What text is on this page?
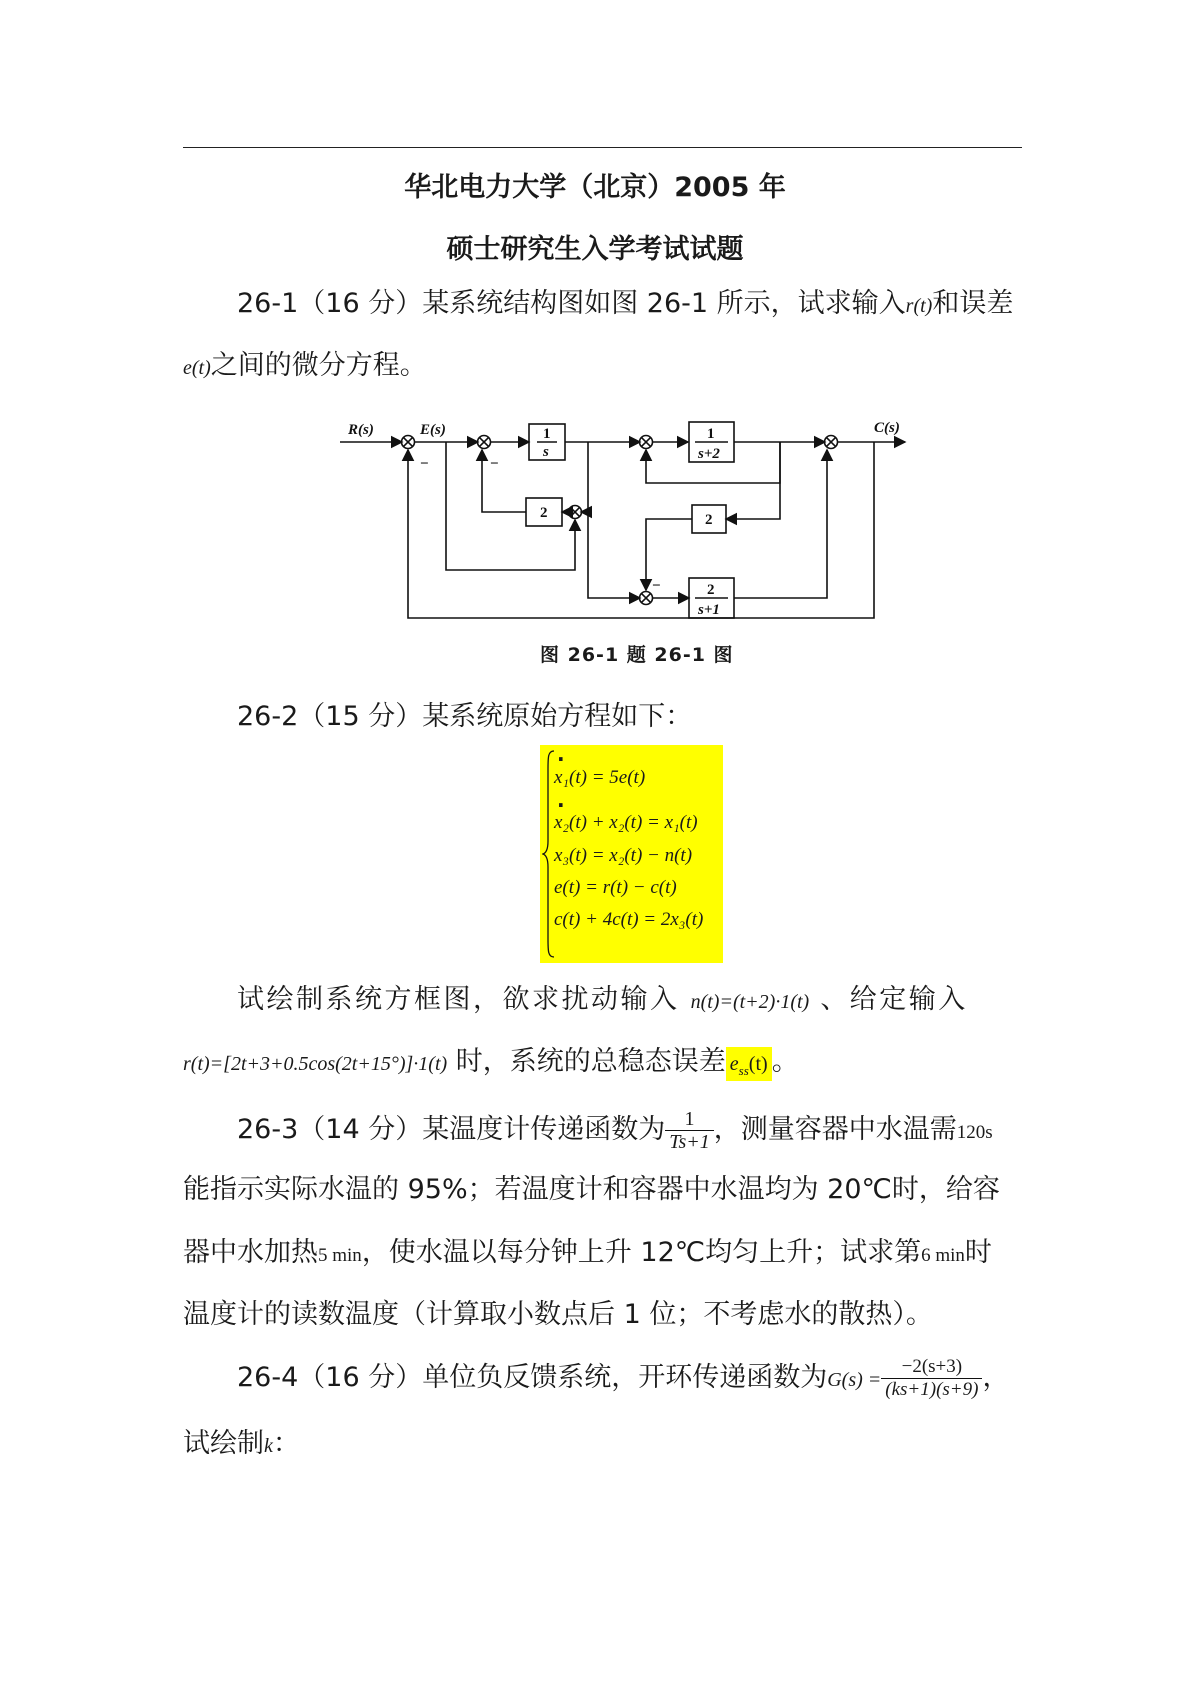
华北电力大学（北京）2005 年
硕士研究生入学考试试题
26-1（16 分）某系统结构图如图 26-1 所示，试求输入r(t)和误差
e(t)之间的微分方程。
R(s)	E(s)	C(s)
1
s
1
s+2
2	2
2
s+1
−	−
−
图 26-1 题 26-1 图
26-2（15 分）某系统原始方程如下：
·
x₁(t) = 5e(t)
·
x₂(t) + x₂(t) = x₁(t)
x₃(t) = x₂(t) − n(t)
e(t) = r(t) − c(t)
c(t) + 4c(t) = 2x₃(t)
试绘制系统方框图，欲求扰动输入 n(t)=(t+2)·1(t) 、给定输入
r(t)=[2t+3+0.5cos(2t+15°)]·1(t) 时，系统的总稳态误差 $e_{ss}(t)$ 。
26-3（14 分）某温度计传递函数为 $\frac{1}{Ts+1}$ ，测量容器中水温需120s
能指示实际水温的 95%；若温度计和容器中水温均为 20℃时，给容
器中水加热5 min，使水温以每分钟上升 12℃均匀上升；试求第6 min时
温度计的读数温度（计算取小数点后 1 位；不考虑水的散热）。
26-4（16 分）单位负反馈系统，开环传递函数为$G(s) = \frac{-2(s+3)}{(ks+1)(s+9)}$ ，
试绘制k：
